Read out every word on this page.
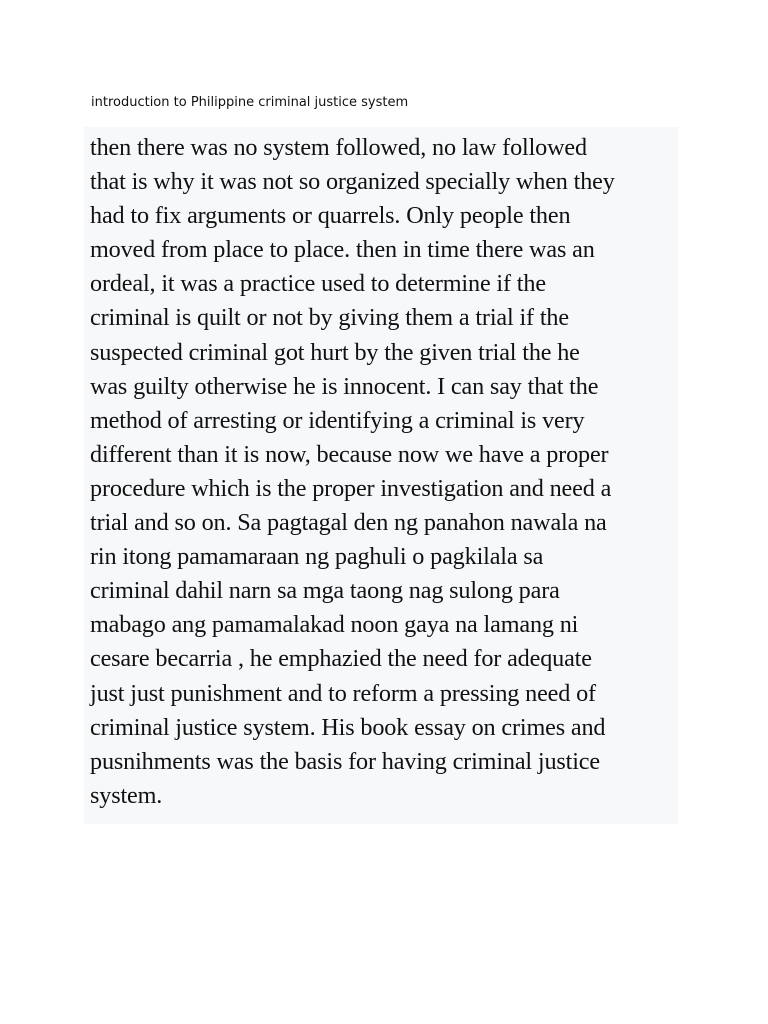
introduction to Philippine criminal justice system
then there was no system followed, no law followed
that is why it was not so organized specially when they
had to fix arguments or quarrels. Only people then
moved from place to place. then in time there was an
ordeal, it was a practice used to determine if the
criminal is quilt or not by giving them a trial if the
suspected criminal got hurt by the given trial the he
was guilty otherwise he is innocent. I can say that the
method of arresting or identifying a criminal is very
different than it is now, because now we have a proper
procedure which is the proper investigation and need a
trial and so on. Sa pagtagal den ng panahon nawala na
rin itong pamamaraan ng paghuli o pagkilala sa
criminal dahil narn sa mga taong nag sulong para
mabago ang pamamalakad noon gaya na lamang ni
cesare becarria , he emphazied the need for adequate
just just punishment and to reform a pressing need of
criminal justice system. His book essay on crimes and
pusnihments was the basis for having criminal justice
system.
